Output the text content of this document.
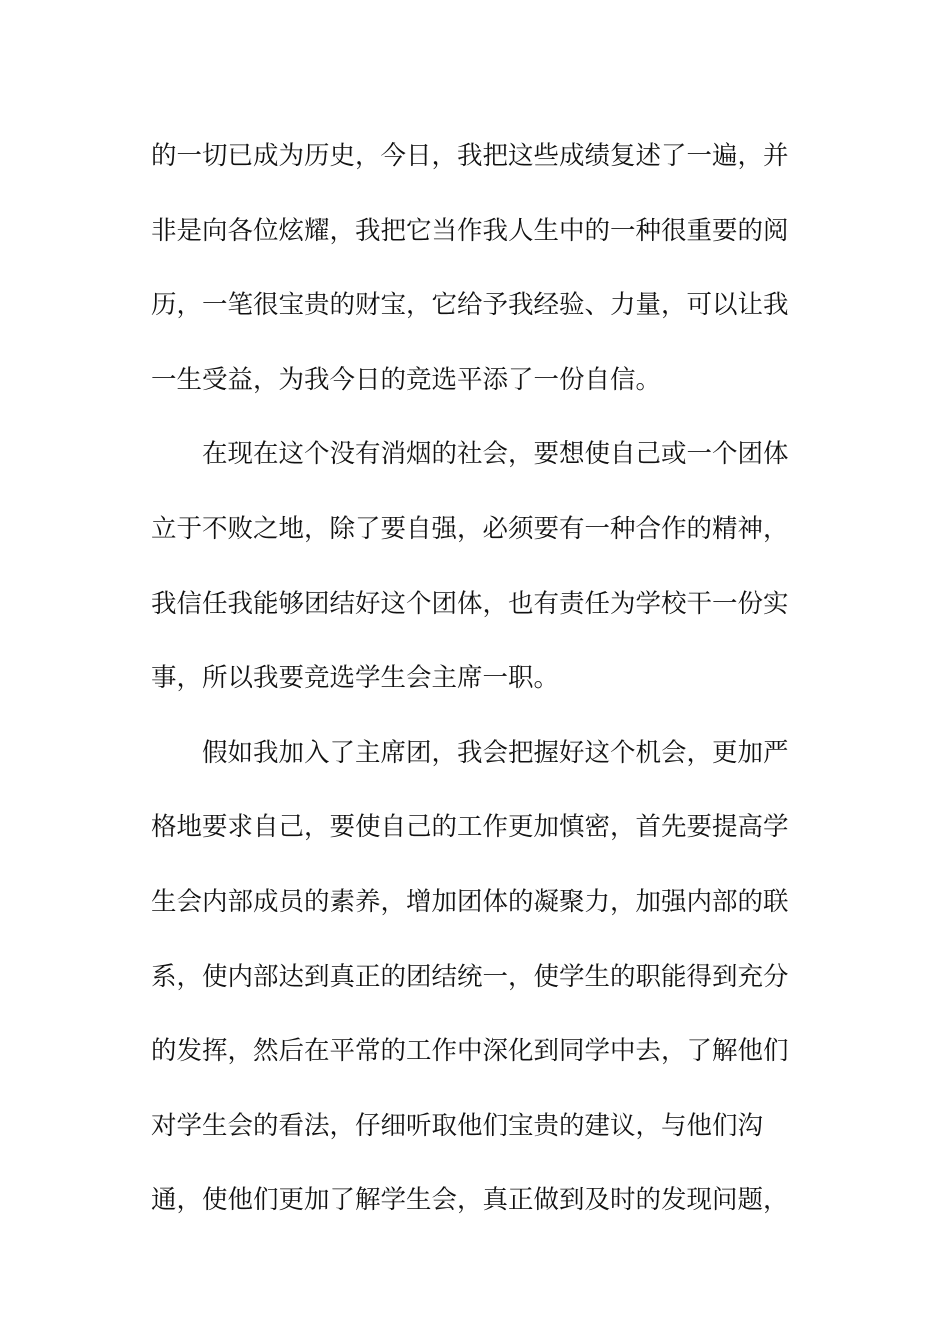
的一切已成为历史，今日，我把这些成绩复述了一遍，并
非是向各位炫耀，我把它当作我人生中的一种很重要的阅
历，一笔很宝贵的财宝，它给予我经验、力量，可以让我
一生受益，为我今日的竞选平添了一份自信。
在现在这个没有消烟的社会，要想使自己或一个团体
立于不败之地，除了要自强，必须要有一种合作的精神，
我信任我能够团结好这个团体，也有责任为学校干一份实
事，所以我要竞选学生会主席一职。
假如我加入了主席团，我会把握好这个机会，更加严
格地要求自己，要使自己的工作更加慎密，首先要提高学
生会内部成员的素养，增加团体的凝聚力，加强内部的联
系，使内部达到真正的团结统一，使学生的职能得到充分
的发挥，然后在平常的工作中深化到同学中去，了解他们
对学生会的看法，仔细听取他们宝贵的建议，与他们沟
通，使他们更加了解学生会，真正做到及时的发现问题，
